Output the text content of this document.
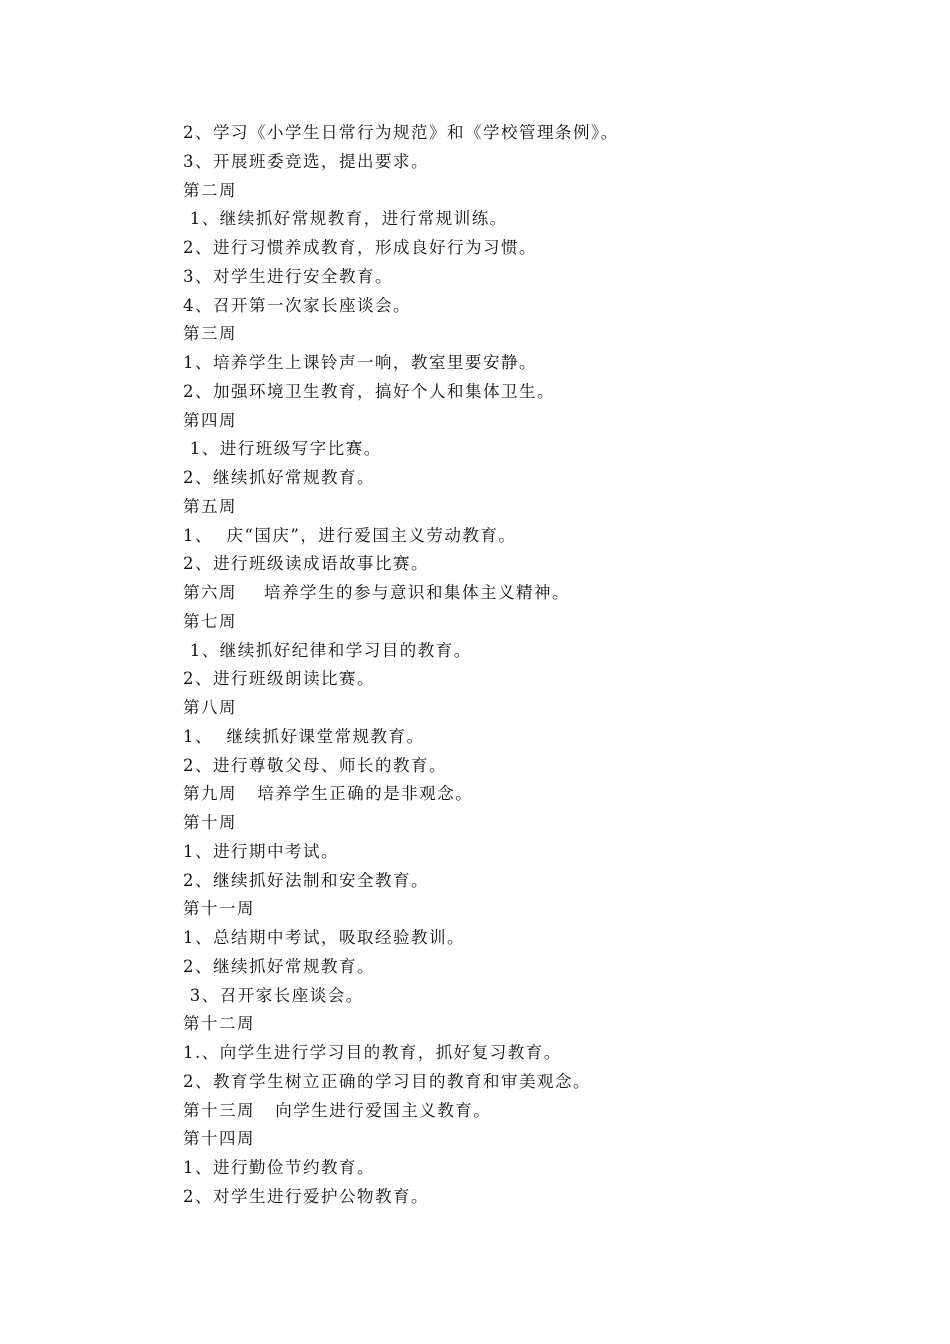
2、学习《小学生日常行为规范》和《学校管理条例》。
3、开展班委竞选，提出要求。
第二周
1、继续抓好常规教育，进行常规训练。
2、进行习惯养成教育，形成良好行为习惯。
3、对学生进行安全教育。
4、召开第一次家长座谈会。
第三周
1、培养学生上课铃声一响，教室里要安静。
2、加强环境卫生教育，搞好个人和集体卫生。
第四周
1、进行班级写字比赛。
2、继续抓好常规教育。
第五周
1、  庆“国庆”，进行爱国主义劳动教育。
2、进行班级读成语故事比赛。
第六周    培养学生的参与意识和集体主义精神。
第七周
1、继续抓好纪律和学习目的教育。
2、进行班级朗读比赛。
第八周
1、  继续抓好课堂常规教育。
2、进行尊敬父母、师长的教育。
第九周   培养学生正确的是非观念。
第十周
1、进行期中考试。
2、继续抓好法制和安全教育。
第十一周
1、总结期中考试，吸取经验教训。
2、继续抓好常规教育。
3、召开家长座谈会。
第十二周
1.、向学生进行学习目的教育，抓好复习教育。
2、教育学生树立正确的学习目的教育和审美观念。
第十三周   向学生进行爱国主义教育。
第十四周
1、进行勤俭节约教育。
2、对学生进行爱护公物教育。
